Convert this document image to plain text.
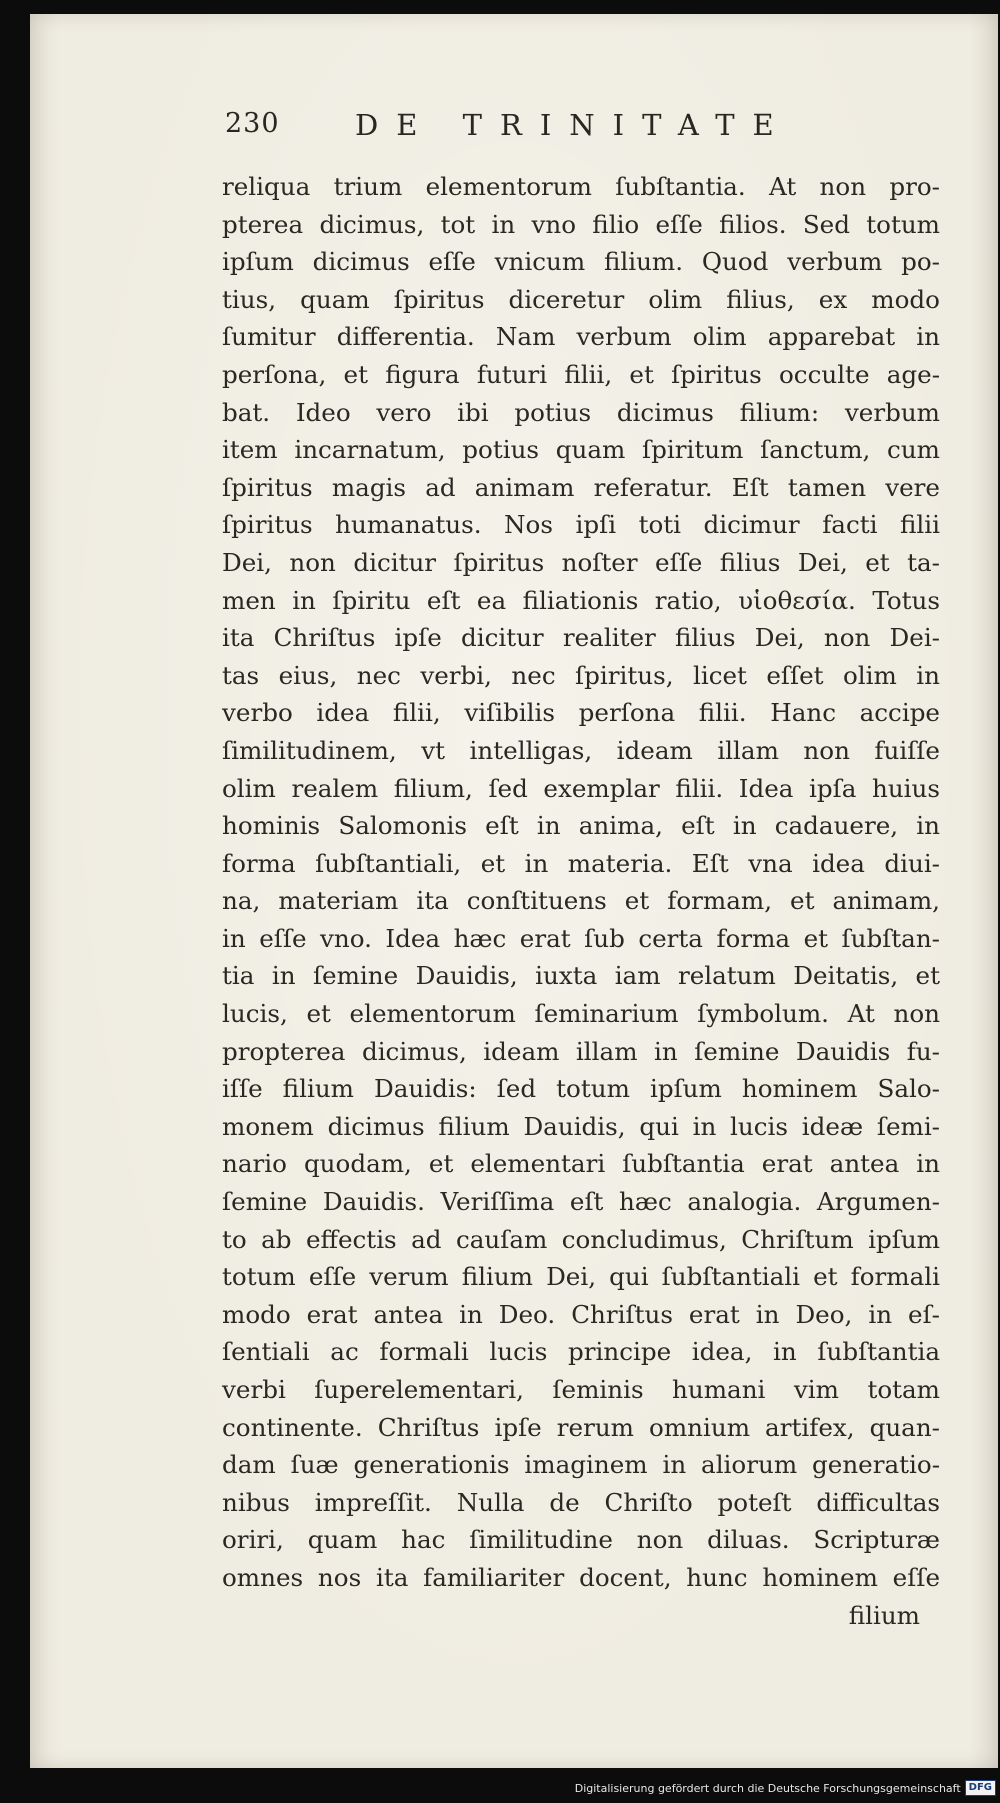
230	DE TRINITATE
reliqua trium elementorum ſubſtantia. At non pro-
pterea dicimus, tot in vno filio eſſe filios. Sed totum
ipſum dicimus eſſe vnicum filium. Quod verbum po-
tius, quam ſpiritus diceretur olim filius, ex modo
ſumitur differentia. Nam verbum olim apparebat in
perſona, et figura futuri filii, et ſpiritus occulte age-
bat. Ideo vero ibi potius dicimus filium: verbum
item incarnatum, potius quam ſpiritum ſanctum, cum
ſpiritus magis ad animam referatur. Eſt tamen vere
ſpiritus humanatus. Nos ipſi toti dicimur facti filii
Dei, non dicitur ſpiritus noſter eſſe filius Dei, et ta-
men in ſpiritu eſt ea filiationis ratio, υἱοθεσία. Totus
ita Chriſtus ipſe dicitur realiter filius Dei, non Dei-
tas eius, nec verbi, nec ſpiritus, licet eſſet olim in
verbo idea filii, viſibilis perſona filii. Hanc accipe
ſimilitudinem, vt intelligas, ideam illam non fuiſſe
olim realem filium, ſed exemplar filii. Idea ipſa huius
hominis Salomonis eſt in anima, eſt in cadauere, in
forma ſubſtantiali, et in materia. Eſt vna idea diui-
na, materiam ita conſtituens et formam, et animam,
in eſſe vno. Idea hæc erat ſub certa forma et ſubſtan-
tia in ſemine Dauidis, iuxta iam relatum Deitatis, et
lucis, et elementorum ſeminarium ſymbolum. At non
propterea dicimus, ideam illam in ſemine Dauidis fu-
iſſe filium Dauidis: ſed totum ipſum hominem Salo-
monem dicimus filium Dauidis, qui in lucis ideæ ſemi-
nario quodam, et elementari ſubſtantia erat antea in
ſemine Dauidis. Veriſſima eſt hæc analogia. Argumen-
to ab effectis ad cauſam concludimus, Chriſtum ipſum
totum eſſe verum filium Dei, qui ſubſtantiali et formali
modo erat antea in Deo. Chriſtus erat in Deo, in eſ-
ſentiali ac formali lucis principe idea, in ſubſtantia
verbi ſuperelementari, ſeminis humani vim totam
continente. Chriſtus ipſe rerum omnium artifex, quan-
dam ſuæ generationis imaginem in aliorum generatio-
nibus impreſſit. Nulla de Chriſto poteſt difficultas
oriri, quam hac ſimilitudine non diluas. Scripturæ
omnes nos ita familiariter docent, hunc hominem eſſe
filium
Digitalisierung gefördert durch die Deutsche Forschungsgemeinschaft DFG
